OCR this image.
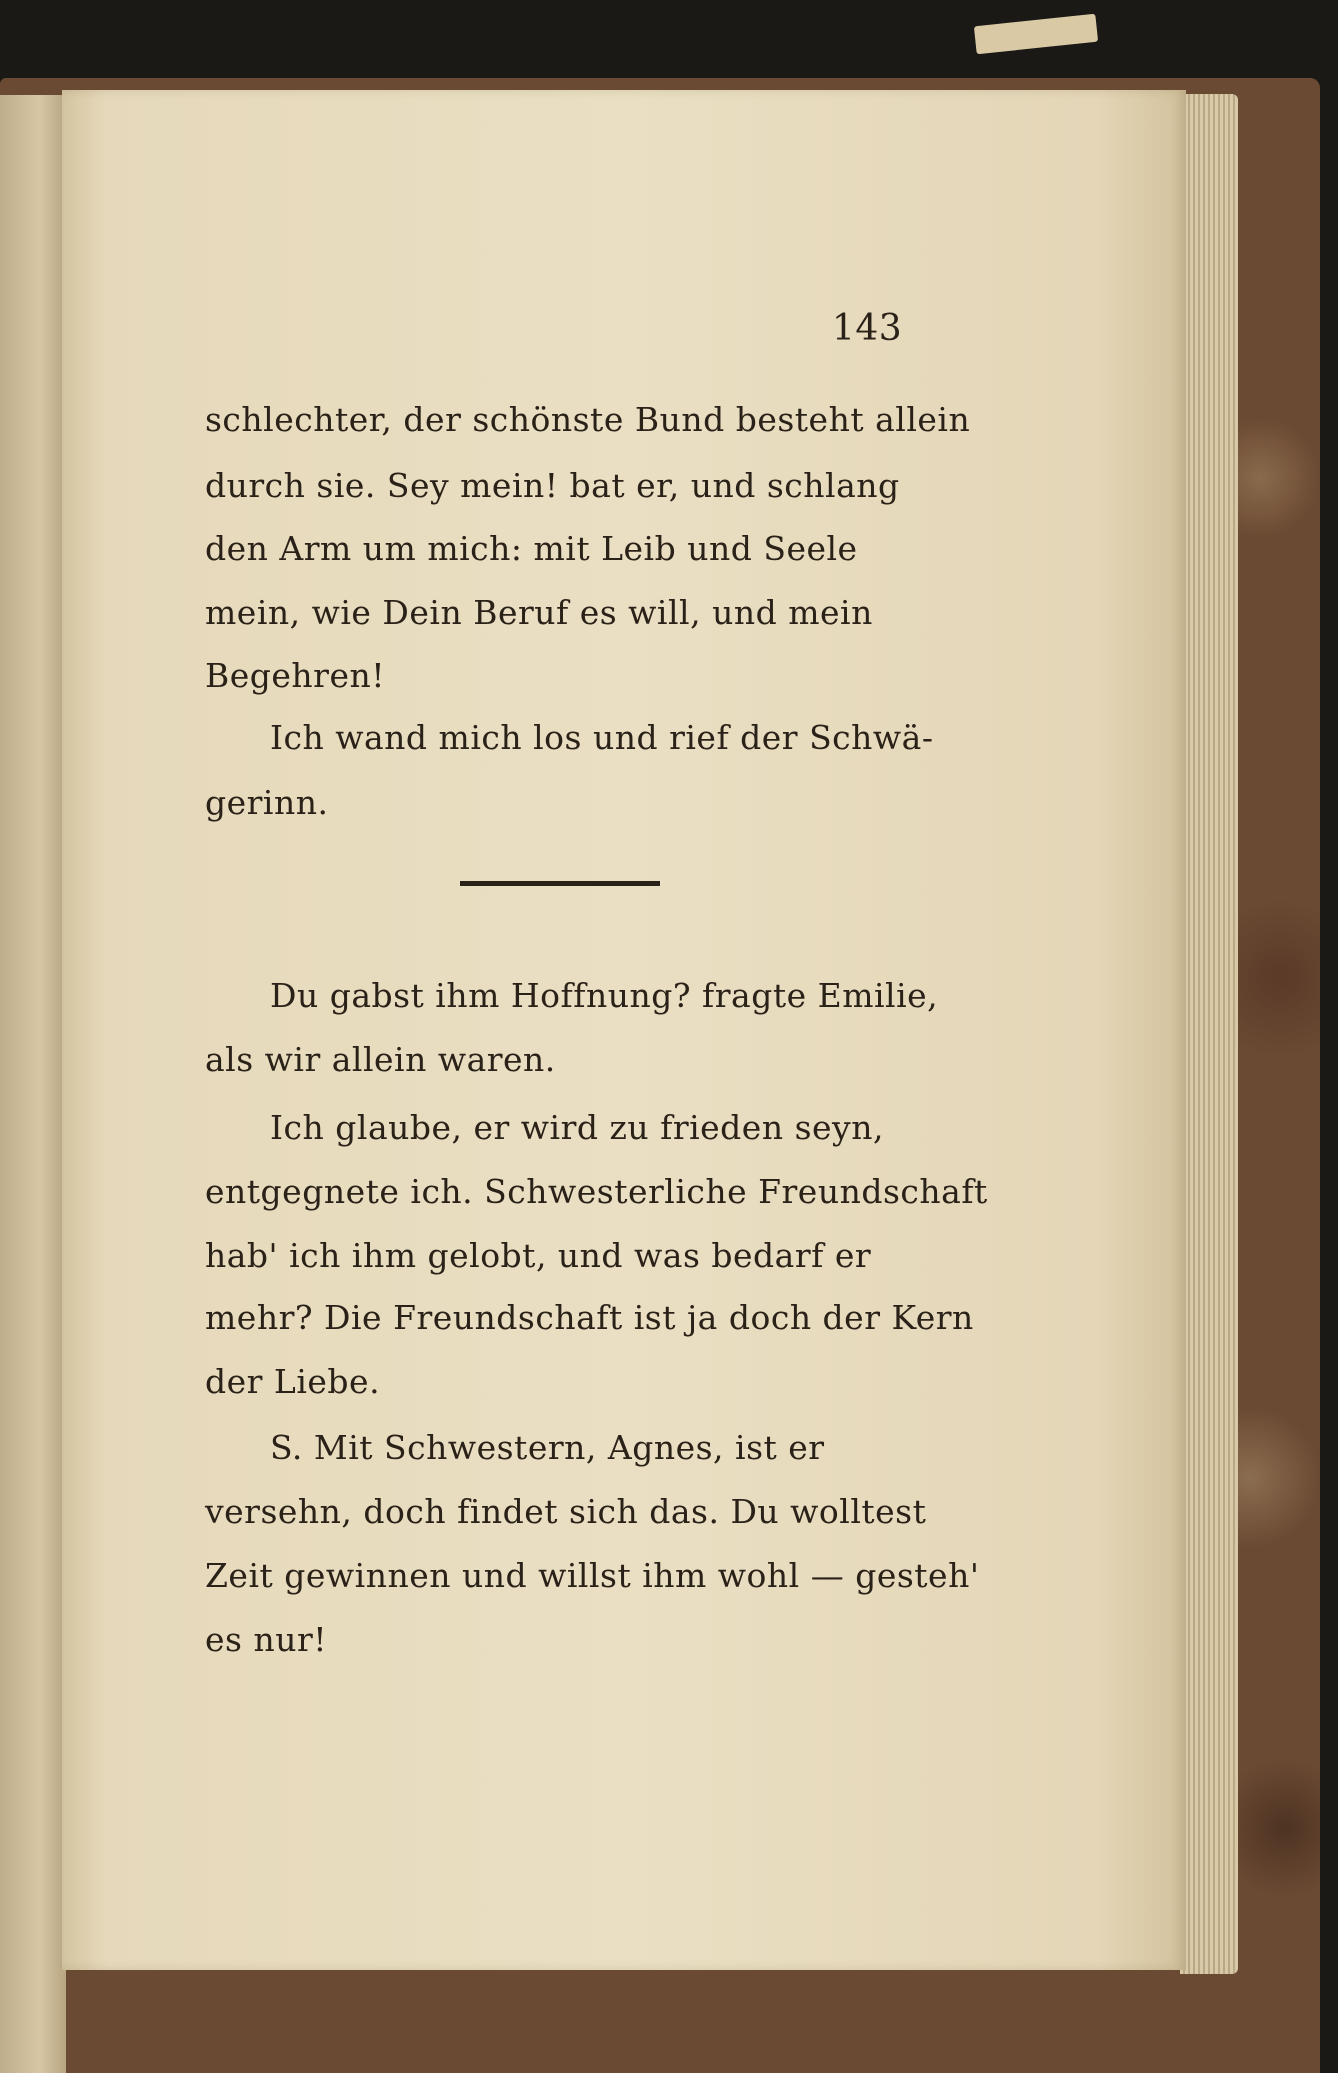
143
schlechter, der schönste Bund besteht allein
durch sie. Sey mein! bat er, und schlang
den Arm um mich: mit Leib und Seele
mein, wie Dein Beruf es will, und mein
Begehren!
Ich wand mich los und rief der Schwä-
gerinn.
Du gabst ihm Hoffnung? fragte Emilie,
als wir allein waren.
Ich glaube, er wird zu frieden seyn,
entgegnete ich. Schwesterliche Freundschaft
hab' ich ihm gelobt, und was bedarf er
mehr? Die Freundschaft ist ja doch der Kern
der Liebe.
S. Mit Schwestern, Agnes, ist er
versehn, doch findet sich das. Du wolltest
Zeit gewinnen und willst ihm wohl — gesteh'
es nur!
